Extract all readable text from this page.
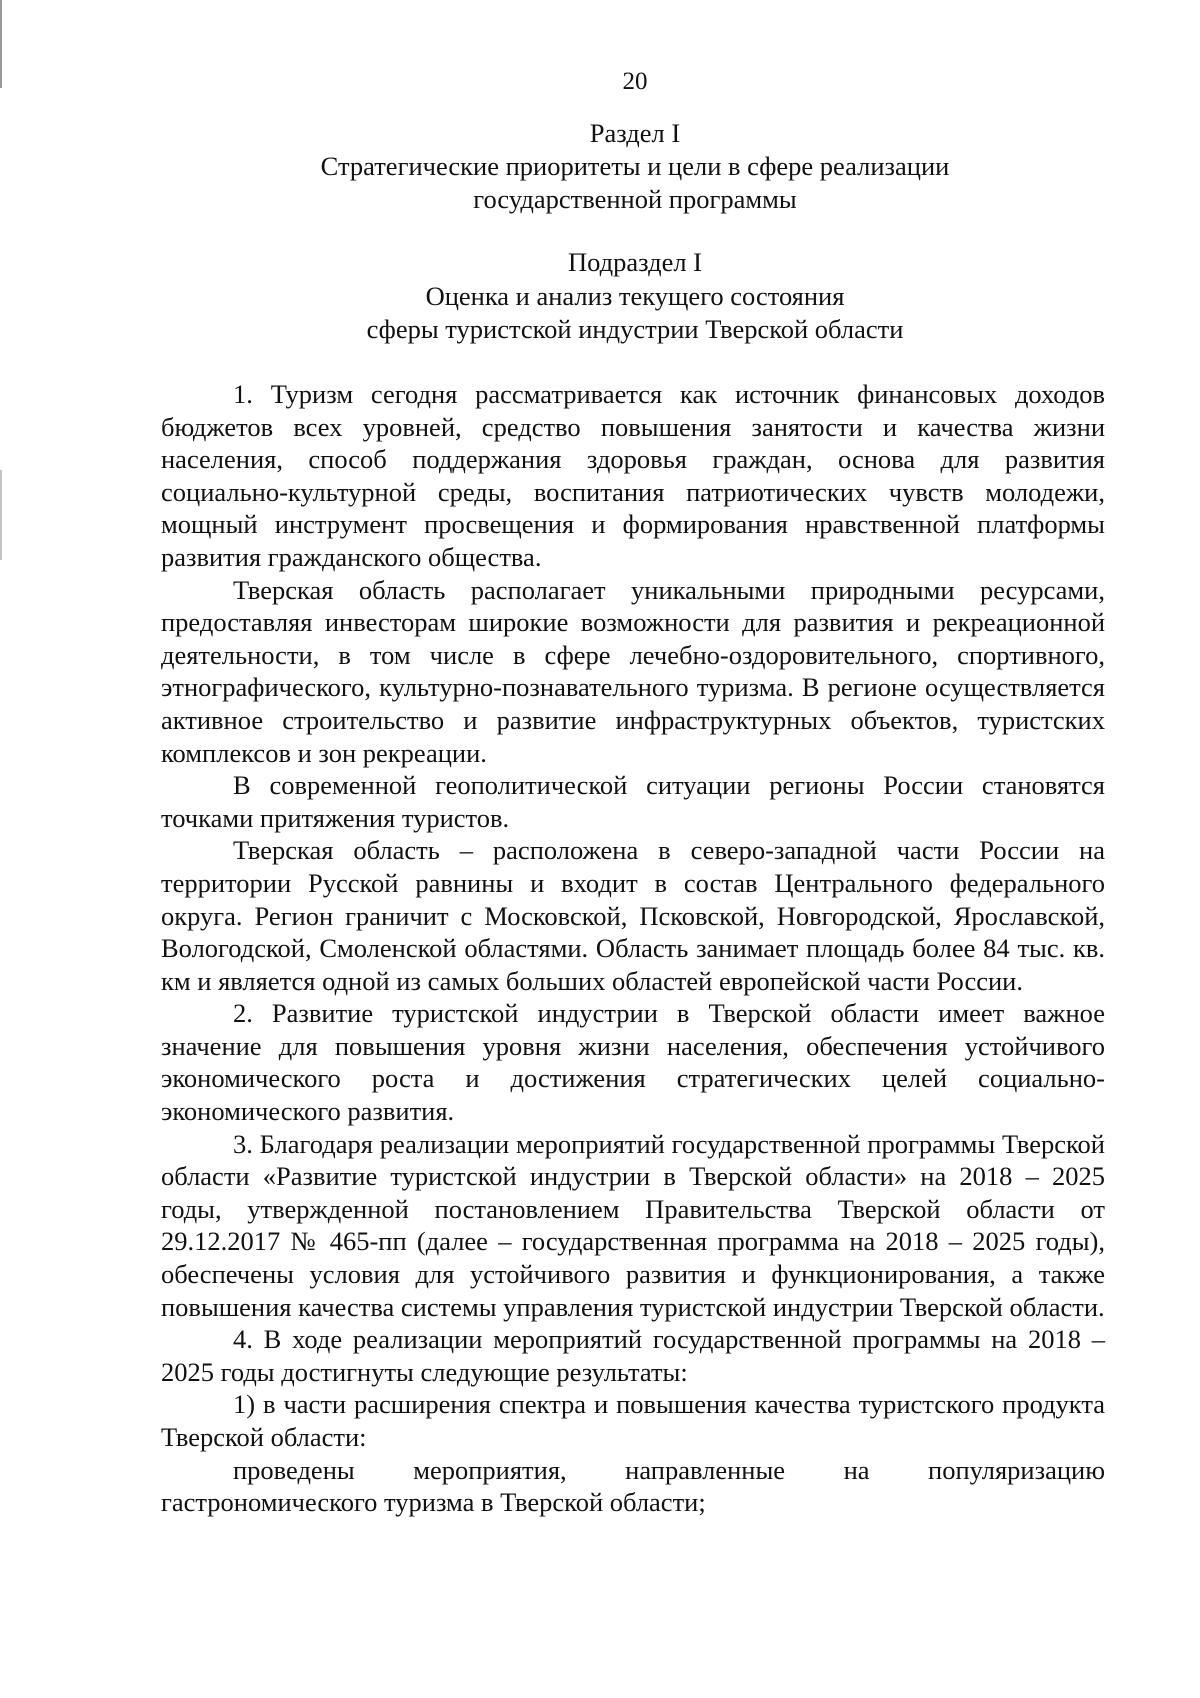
20
Раздел I
Стратегические приоритеты и цели в сфере реализации
государственной программы
Подраздел I
Оценка и анализ текущего состояния
сферы туристской индустрии Тверской области

1. Туризм сегодня рассматривается как источник финансовых доходов бюджетов всех уровней, средство повышения занятости и качества жизни населения, способ поддержания здоровья граждан, основа для развития социально-культурной среды, воспитания патриотических чувств молодежи, мощный инструмент просвещения и формирования нравственной платформы развития гражданского общества.

Тверская область располагает уникальными природными ресурсами, предоставляя инвесторам широкие возможности для развития и рекреационной деятельности, в том числе в сфере лечебно-оздоровительного, спортивного, этнографического, культурно-познавательного туризма. В регионе осуществляется активное строительство и развитие инфраструктурных объектов, туристских комплексов и зон рекреации.

В современной геополитической ситуации регионы России становятся точками притяжения туристов.

Тверская область – расположена в северо-западной части России на территории Русской равнины и входит в состав Центрального федерального округа. Регион граничит с Московской, Псковской, Новгородской, Ярославской, Вологодской, Смоленской областями. Область занимает площадь более 84 тыс. кв. км и является одной из самых больших областей европейской части России.

2. Развитие туристской индустрии в Тверской области имеет важное значение для повышения уровня жизни населения, обеспечения устойчивого экономического роста и достижения стратегических целей социально-экономического развития.

3. Благодаря реализации мероприятий государственной программы Тверской области «Развитие туристской индустрии в Тверской области» на 2018 – 2025 годы, утвержденной постановлением Правительства Тверской области от 29.12.2017 № 465-пп (далее – государственная программа на 2018 – 2025 годы), обеспечены условия для устойчивого развития и функционирования, а также повышения качества системы управления туристской индустрии Тверской области.

4. В ходе реализации мероприятий государственной программы на 2018 – 2025 годы достигнуты следующие результаты:

1) в части расширения спектра и повышения качества туристского продукта Тверской области:

проведены мероприятия, направленные на популяризацию гастрономического туризма в Тверской области;
